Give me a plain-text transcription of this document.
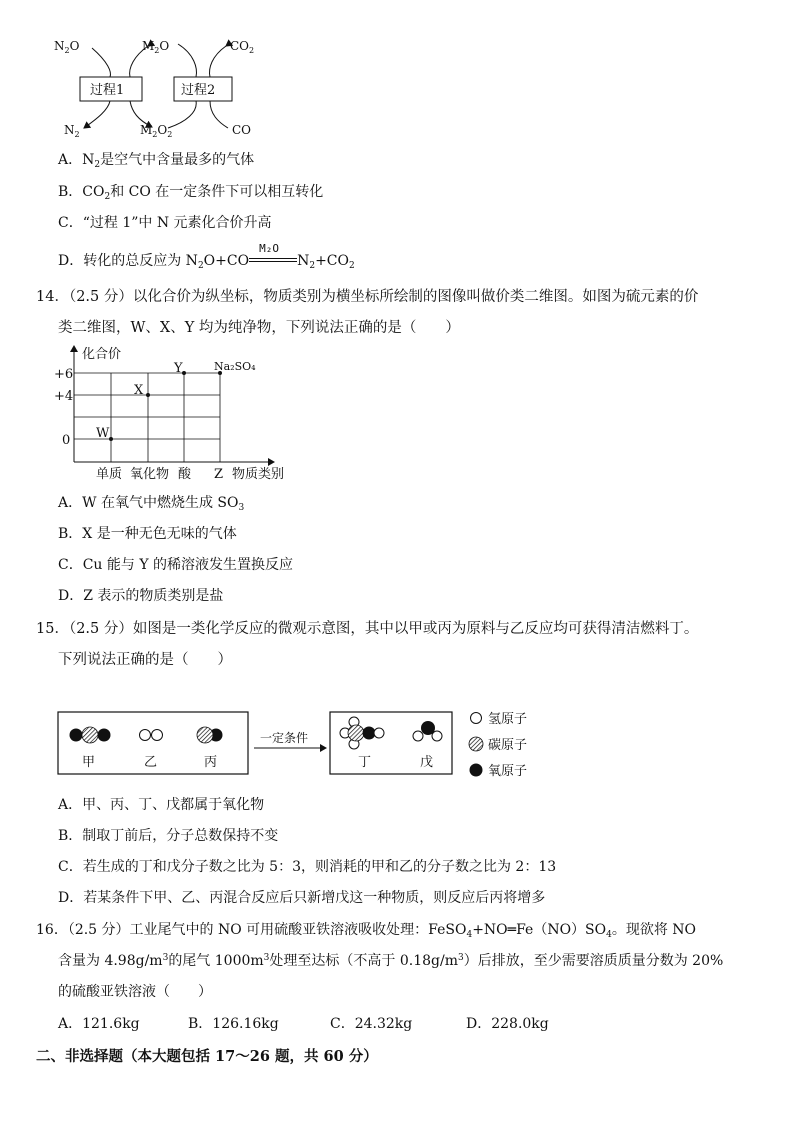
$N_2O$	$M_2O$	$CO_2$
过程1	过程2
$N_2$	$M_2O_2$	CO
A．$N_2$是空气中含量最多的气体
B．$CO_2$和 CO 在一定条件下可以相互转化
C．“过程 1”中 N 元素化合价升高
D．转化的总反应为 $N_2O+CO$
M₂O
$N_2+CO_2$
14．（2.5 分）以化合价为纵坐标，物质类别为横坐标所绘制的图像叫做价类二维图。如图为硫元素的价
类二维图，W、X、Y 均为纯净物，下列说法正确的是（　　）
化合价
+6
+4
0 W
X
Y	Na₂SO₄
单质 氧化物 酸 Z 物质类别
A．W 在氧气中燃烧生成 $SO_3$
B．X 是一种无色无味的气体
C．Cu 能与 Y 的稀溶液发生置换反应
D．Z 表示的物质类别是盐
15．（2.5 分）如图是一类化学反应的微观示意图，其中以甲或丙为原料与乙反应均可获得清洁燃料丁。
下列说法正确的是（　　）
甲	乙	丙
一定条件
丁	戊
氢原子
碳原子
氧原子
A．甲、丙、丁、戊都属于氧化物
B．制取丁前后，分子总数保持不变
C．若生成的丁和戊分子数之比为 5：3，则消耗的甲和乙的分子数之比为 2：13
D．若某条件下甲、乙、丙混合反应后只新增戊这一种物质，则反应后丙将增多
16．（2.5 分）工业尾气中的 NO 可用硫酸亚铁溶液吸收处理：$FeSO_4+NO═Fe(NO)SO_4$。现欲将 NO
含量为 $4.98g/m^3$的尾气 $1000m^3$处理至达标（不高于 $0.18g/m^3$）后排放，至少需要溶质质量分数为 20%
的硫酸亚铁溶液（　　）
A．121.6kg	B．126.16kg	C．24.32kg	D．228.0kg
二、非选择题（本大题包括 17～26 题，共 60 分）
